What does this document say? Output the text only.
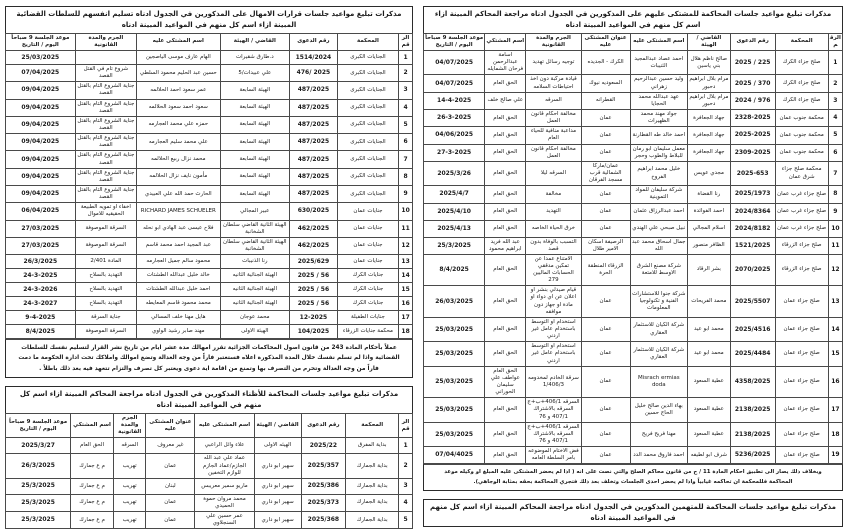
مذكرات تبليغ مواعيد جلسات المحاكمة للمشتكى عليهم على المذكورين في الجدول ادناه مراجعة المحاكم المبينة ازاء اسم كل منهم في المواعيد المبينة ادناه
الرقم	المحكمة	رقم الدعوى	القاضي / الهيئة	اسم المشتكى عليه	عنوان المشتكى عليه	الجرم والمدة القانونية	اسم المشتكي	موعد الجلسة 9 صباحاً اليوم / التاريخ
1	صلح جزاء الكرك	225 / 2025	صالح ناظم هلال بني ياسين	احمد عصاد عبدالمجيد الثنيبات	الكرك - الجديده	توجيه رسائل تهديد	اسامة عبدالرحمن فرحان الشمايله	04/07/2025
2	صلح جزاء الكرك	370 / 2025	مرام بلال ابراهيم دحبور	وليد حسين عبدالرحيم زهراني	السعوديه نيوك	قيادة مركبة دون اخذ احتياطات السلامه	الحق العام	04/07/2025
3	صلح جزاء الكرك	976 / 2024	مرام بلال ابراهيم دحبور	عهد عبدالله محمد الحجايا	القطرانه	السرقه	علي صالح خلف	14-4-2025
4	محكمة جنوب عمان	2328-2025	جهاد الجعافرة	جواد مهند محمد الظهيرات	عمان	مخالفة احكام قانون العمل	الحق العام	26-3-2025
5	محكمة جنوب عمان	2025-2025	جهاد الجعافرة	احمد خالد طه القطارنة	عمان	مداعبة منافية للحياء العام	الحق العام	04/06/2025
6	محكمة جنوب عمان	2309-2025	جهاد الجعافرة	معمل سليمان ابو رمان للبلاط والطوب وحجر	عمان	مخالفة احكام قانون العمل	الحق العام	27-3-2025
7	محكمة صلح جزاء شرق عمان	2025-653	مجدي عويس	خليل محمد ابراهيم الفروخ	عمان/ماركا الشمالية قرب مسجد الفرقان	السرقه ليلا	الحق العام	2025/3/26
8	صلح جزاء غرب عمان	2025/1973	رنا القضاة	شركة سليفان للمواد التموينية	عمان	مخالفة	الحق العام	2025/4/7
9	صلح جزاء غرب عمان	2024/8364	احمد الفوائدة	احمد عبدالرزاق عثمان	عمان	التهديد	الحق العام	2025/4/10
10	صلح جزاء غرب عمان	2024/8182	اسلام المجالي	نبيل صبحي علي الهندي	عمان	خرق الحياة الخاصه	الحق العام	2025/4/13
11	صلح جزاء الزرقاء	1521/2025	الظافر منصور	جمال اسحاق محمد عبد الله	الرصيفة اسكان الامير طلال	التسبب بالوفاة بدون قصد	عبد الله فريد ابراهيم محمود	25/3/2025
12	صلح جزاء الزرقاء	2070/2025	بشر الرقاد	شركة مصنع الشرق الاوسط للامتعة	الزرقاء المنطقة الحرة	الامتناع عمدا عن تمكين مدققي الحسابات الماليين 279	الحق العام	8/4/2025
13	صلح جزاء عمان	2025/5507	محمد الفريحات	شركة جنوا للاستشارات الفنية و تكنولوجيا المعلومات	عمان	قيام صيدلي بنشر او اعلان عن اي دواء او مادة او جهاز دون موافقه	الحق العام	26/03/2025
14	صلح جزاء عمان	2025/4516	محمد ابو عيد	شركة الكيان للاستثمار العقاري	عمان	استخدام او التوسط باستخدام عامل غير اردني	الحق العام	25/03/2025
15	صلح جزاء عمان	2025/4484	محمد ابو عيد	شركة الكيان للاستثمار العقاري	عمان	استخدام او التوسط باستخدام عامل غير اردني	الحق العام	25/03/2025
16	صلح جزاء عمان	4358/2025	عطية السعود	Misrach ermias doda	عمان	سرقة الخادم لمخدومه 1/406/3	الحق العام عواطف علي سليمان الحوراني	25/03/2025
17	صلح جزاء عمان	2138/2025	عطية السعود	بهاء الدين صالح خليل الحاج حسين	عمان	السرقه 406/1+ب+ج السرقه بالاشتراك 407/1 و 76	الحق العام	25/03/2025
18	صلح جزاء عمان	2138/2025	عطية السعود	مهنا فريح فريح	عمان	السرقه 406/1+ب+ج السرقه بالاشتراك 407/1 و 76	الحق العام	25/03/2025
19	صلح جزاء عمان	5236/2025	شرف ابو لطيفه	احمد فاروق محمد الدد	عمان	فض الاختام الموضوعه بامر السلطة العامه	الحق العام	07/04/4025
وبخلاف ذلك يصار الى تطبيق احكام المادة 11 / ج من قانون محاكم الصلح والتي نصت على انه ( اذا لم يحضر المشتكى عليه المبلغ او وكيله موعد المحاكمة فللمحكمة ان تحاكمه غيابياً واذا لم يحضر احدى الجلسات وتخلف بعد ذلك فتجري المحاكمة بحقه بمثابة الوجاهي).
مذكرات تبليغ مواعيد جلسات المحاكمة للمتهمين المذكورين في الجدول ادناه مراجعة المحاكم المبينة ازاء اسم كل منهم في المواعيد المبينة ادناه
مذكرات تبليغ مواعيد جلسات قرارات الامهال على المذكورين في الجدول ادناه تسليم انفسهم للسلطات القضائية المبينة ازاء اسم كل منهم في المواعيد المبينة ادناه
الرقم	المحكمة	رقم الدعوى	القاضي / الهيئة	اسم المشتكى عليه	الجرم والمدة القانونية	موعد الجلسة 9 صباحاً اليوم / التاريخ
1	الجنايات الكبرى	1514/2024	د.طارق شقيرات	الهام عارف موسى الياصجين		25/03/2025
2	الجنايات الكبرى	2025 /476	علي عبيدات/5	حسين عبد الحليم محمود السلطي	شروع تام في القتل القصد	07/04/2025
3	الجنايات الكبرى	487/2025	الهيئة السابعة	عمر سعود احمد الحلالمه	جناية الشروع التام بالقتل القصد	09/04/2025
4	الجنايات الكبرى	487/2025	الهيئة السابعة	سعود احمد سعود الحلالمه	جناية الشروع التام بالقتل القصد	09/04/2025
5	الجنايات الكبرى	487/2025	الهيئة السابعة	حمزه علي محمد العجارمه	جناية الشروع التام بالقتل القصد	09/04/2025
6	الجنايات الكبرى	487/2025	الهيئة السابعة	علي محمد سليم العجارمه	جناية الشروع التام بالقتل القصد	09/04/2025
7	الجنايات الكبرى	487/2025	الهيئة السابعة	محمد نزال ربيع الحلالمه	جناية الشروع التام بالقتل القصد	09/04/2025
8	الجنايات الكبرى	487/2025	الهيئة السابعة	مأمون نايف نزال الحلالمه	جناية الشروع التام بالقتل القصد	09/04/2025
9	الجنايات الكبرى	487/2025	الهيئة السابعة	الحارث حمد الله علي العبيدي	جناية الشروع التام بالقتل القصد	09/04/2025
10	جنايات عمان	630/2025	عبير المجالي	RICHARD JAMES SCHUELER	اخفاء او تمويه الطبيعة الحقيقيه للاموال	06/04/2025
11	جنايات عمان	462/2025	الهيئة الثانية القاضي سلطان الشخانبة	فلاح عيسى عبد الهادي ابو نحله	السرقة الموصوفة	27/03/2025
12	جنايات عمان	462/2025	الهيئة الثانية القاضي سلطان الشخانبة	عبد المجيد احمد محمد قاسم	السرقة الموصوفة	27/03/2025
13	جنايات عمان	2025/629	رنا الذنيبات	محمود سالم جميل العجارمه	المادة 2/401	26/3/2025
14	جنايات الكرك	56 / 2025	الهيئة الجنائية الثانيه	خالد خليل عبدالله الطشتات	التهديد بالسلاح	24-3-2025
15	جنايات الكرك	56 / 2025	الهيئة الجنائية الثانيه	احمد خليل عبدالله الطشتات	التهديد بالسلاح	24-3-2026
16	جنايات الكرك	56 / 2025	الهيئة الجنائية الثانيه	محمد محمود قاسم المعايطه	التهديد بالسلاح	24-3-2027
17	جنايات الطفيلة	12-2025	محمد عوجان	هايل مهنا خلف المسالي	جناية السرقة	9-4-2025
18	محكمة جنايات الزرقاء	104/2025	الهيئة الاولى	مهند صابر رشيد الواوي	السرقة الموصوفة	8/4/2025
عملاً بأحكام المادة 243 من قانون اصول المحاكمات الجزائية تقرر امهالك مدة عشر ايام من تاريخ نشر القرار لتسليم نفسك للسلطات القضائية واذا لم تسلم نفسك خلال المدة المذكورة اعلاه فستعتبر فاراً من وجه العدالة وتضع اموالك واملاكك تحت ادارة الحكومة ما دمت فاراً من وجه العدالة وتحرم من التصرف بها وتمنع من اقامة اية دعوى ويعتبر كل تصرف والتزام تتعهد فيه بعد ذلك باطلاً .
مذكرات تبليغ مواعيد جلسات المحاكمة للأظناء المذكورين في الجدول ادناه مراجعة المحاكم المبينة ازاء اسم كل منهم في المواعيد المبينة ادناه
الرقم	المحكمة	رقم الدعوى	القاضي / الهيئة	اسم المشتكى عليه	عنوان المشتكى عليه	الجرم والمدة القانونية	اسم المشتكي	موعد الجلسة 9 صباحاً اليوم / التاريخ
1	بداية المفرق	2025/22	الهيئه الاولى	علاء وائل الراعبي	غير معروف	السرقه	الحق العام	2025/3/27
2	بداية الجمارك	2025/357	سهير ابو داري	عماد علي عبد الله الجازم/عماد الجازم للوازم التخفين	عمان	تهريب	م ع جمارك	26/3/2025
3	بداية الجمارك	2025/386	سهير ابو داري	ماريو سمير معريبس	لبنان	تهريب	م ع جمارك	25/3/2025
4	بداية الجمارك	2025/373	سهير ابو داري	محمد مروان حموة الحميدي	عمان	تهريب	م ع جمارك	25/3/2025
5	بداية الجمارك	2025/368	سهير ابو داري	عمر حسين علي السنجلاوي	عمان	تهريب	م ع جمارك	25/3/2025
